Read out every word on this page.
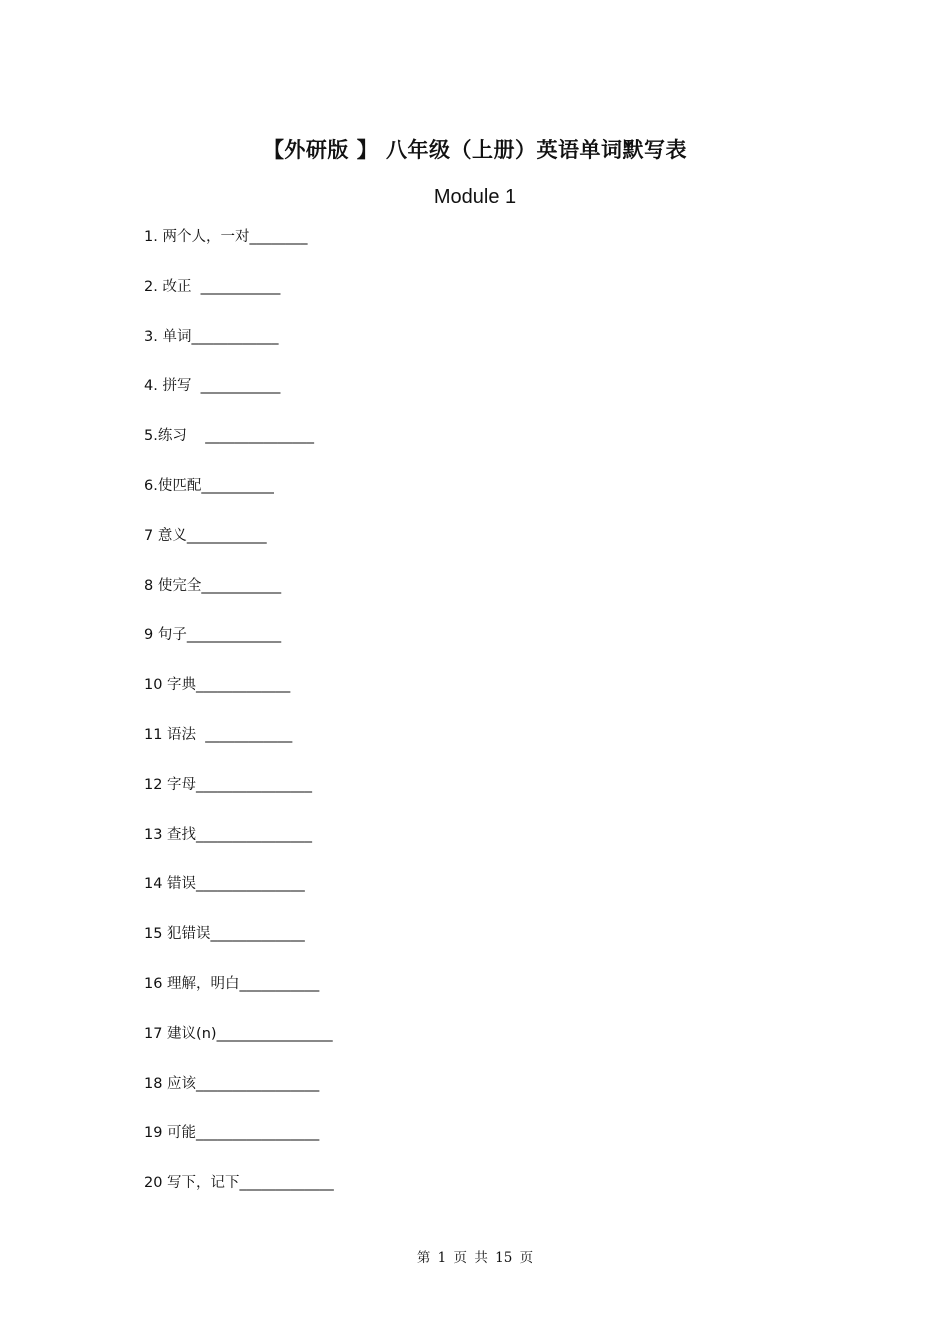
【外研版 】 八年级（上册）英语单词默写表
Module 1
1. 两个人，一对________
2. 改正  ___________
3. 单词____________
4. 拼写  ___________
5.练习    _______________
6.使匹配__________
7 意义___________
8 使完全___________
9 句子_____________
10 字典_____________
11 语法  ____________
12 字母________________
13 查找________________
14 错误_______________
15 犯错误_____________
16 理解，明白___________
17 建议(n)________________
18 应该_________________
19 可能_________________
20 写下，记下_____________
第 1 页 共 15 页
